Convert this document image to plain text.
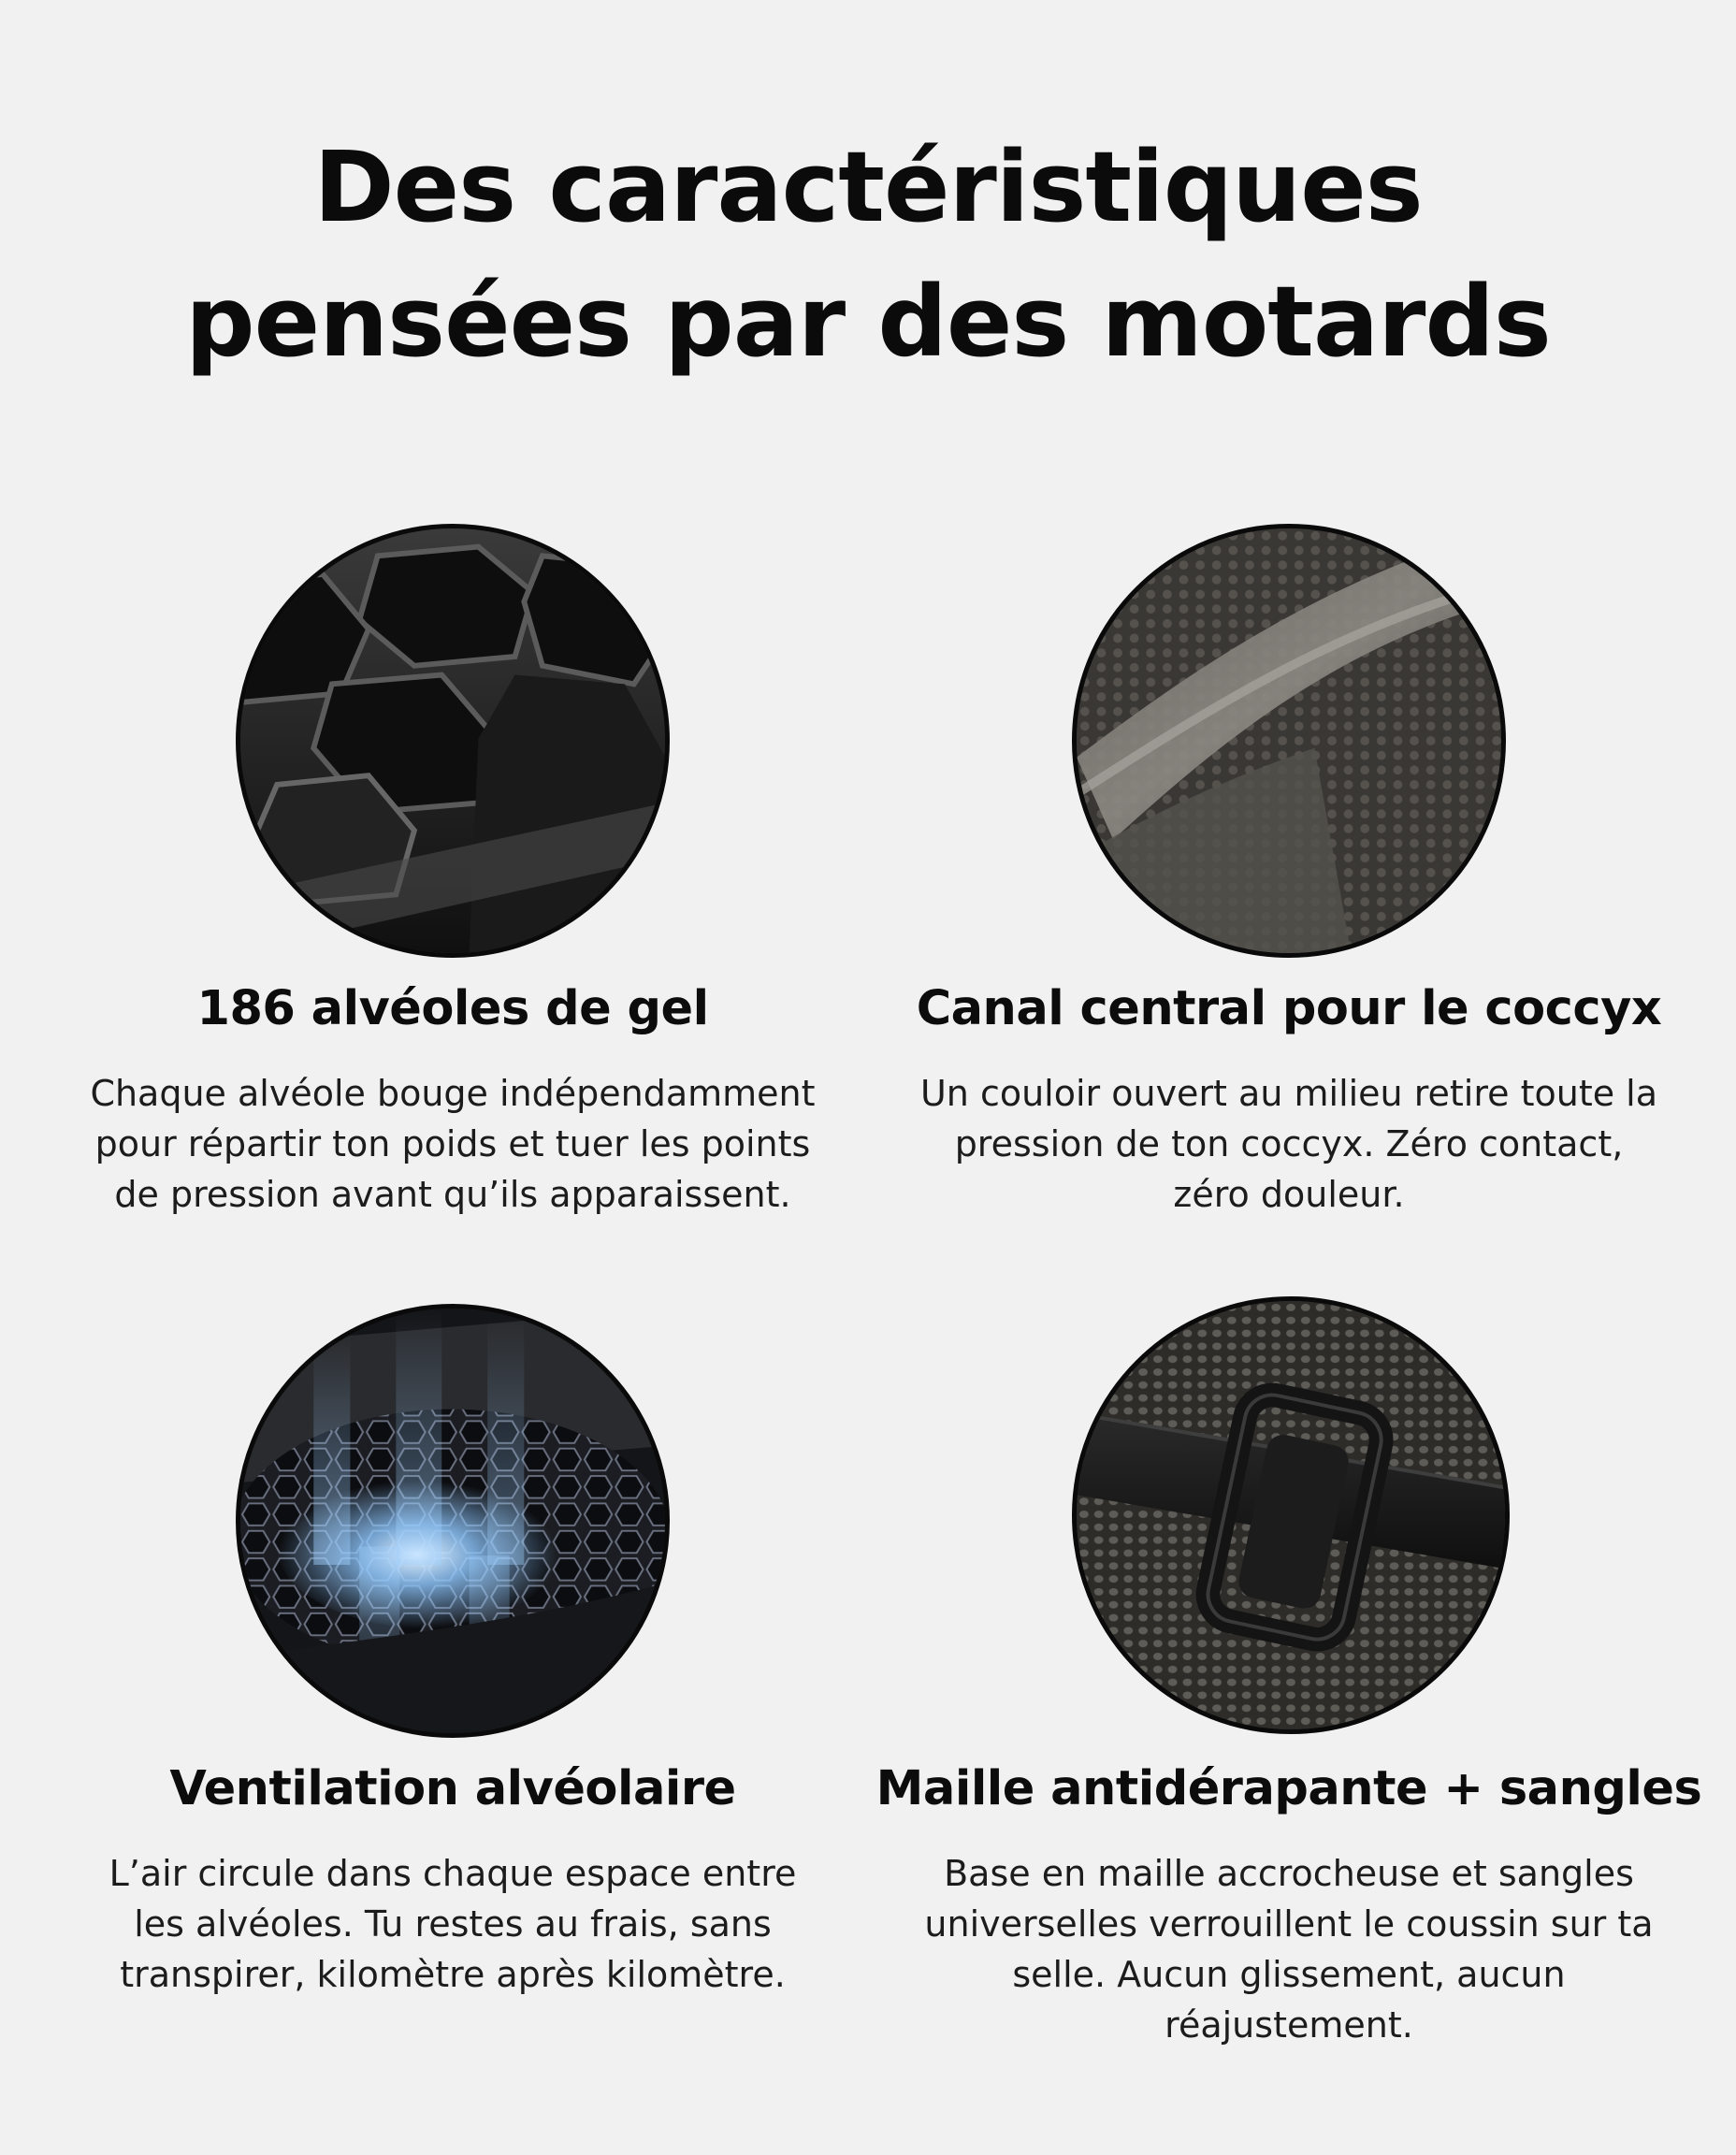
Des caractéristiques
pensées par des motards
186 alvéoles de gel

Chaque alvéole bouge indépendamment pour répartir ton poids et tuer les points de pression avant qu’ils apparaissent.

Canal central pour le coccyx

Un couloir ouvert au milieu retire toute la pression de ton coccyx. Zéro contact, zéro douleur.

Ventilation alvéolaire

L’air circule dans chaque espace entre les alvéoles. Tu restes au frais, sans transpirer, kilomètre après kilomètre.

Maille antidérapante + sangles

Base en maille accrocheuse et sangles universelles verrouillent le coussin sur ta selle. Aucun glissement, aucun réajustement.
